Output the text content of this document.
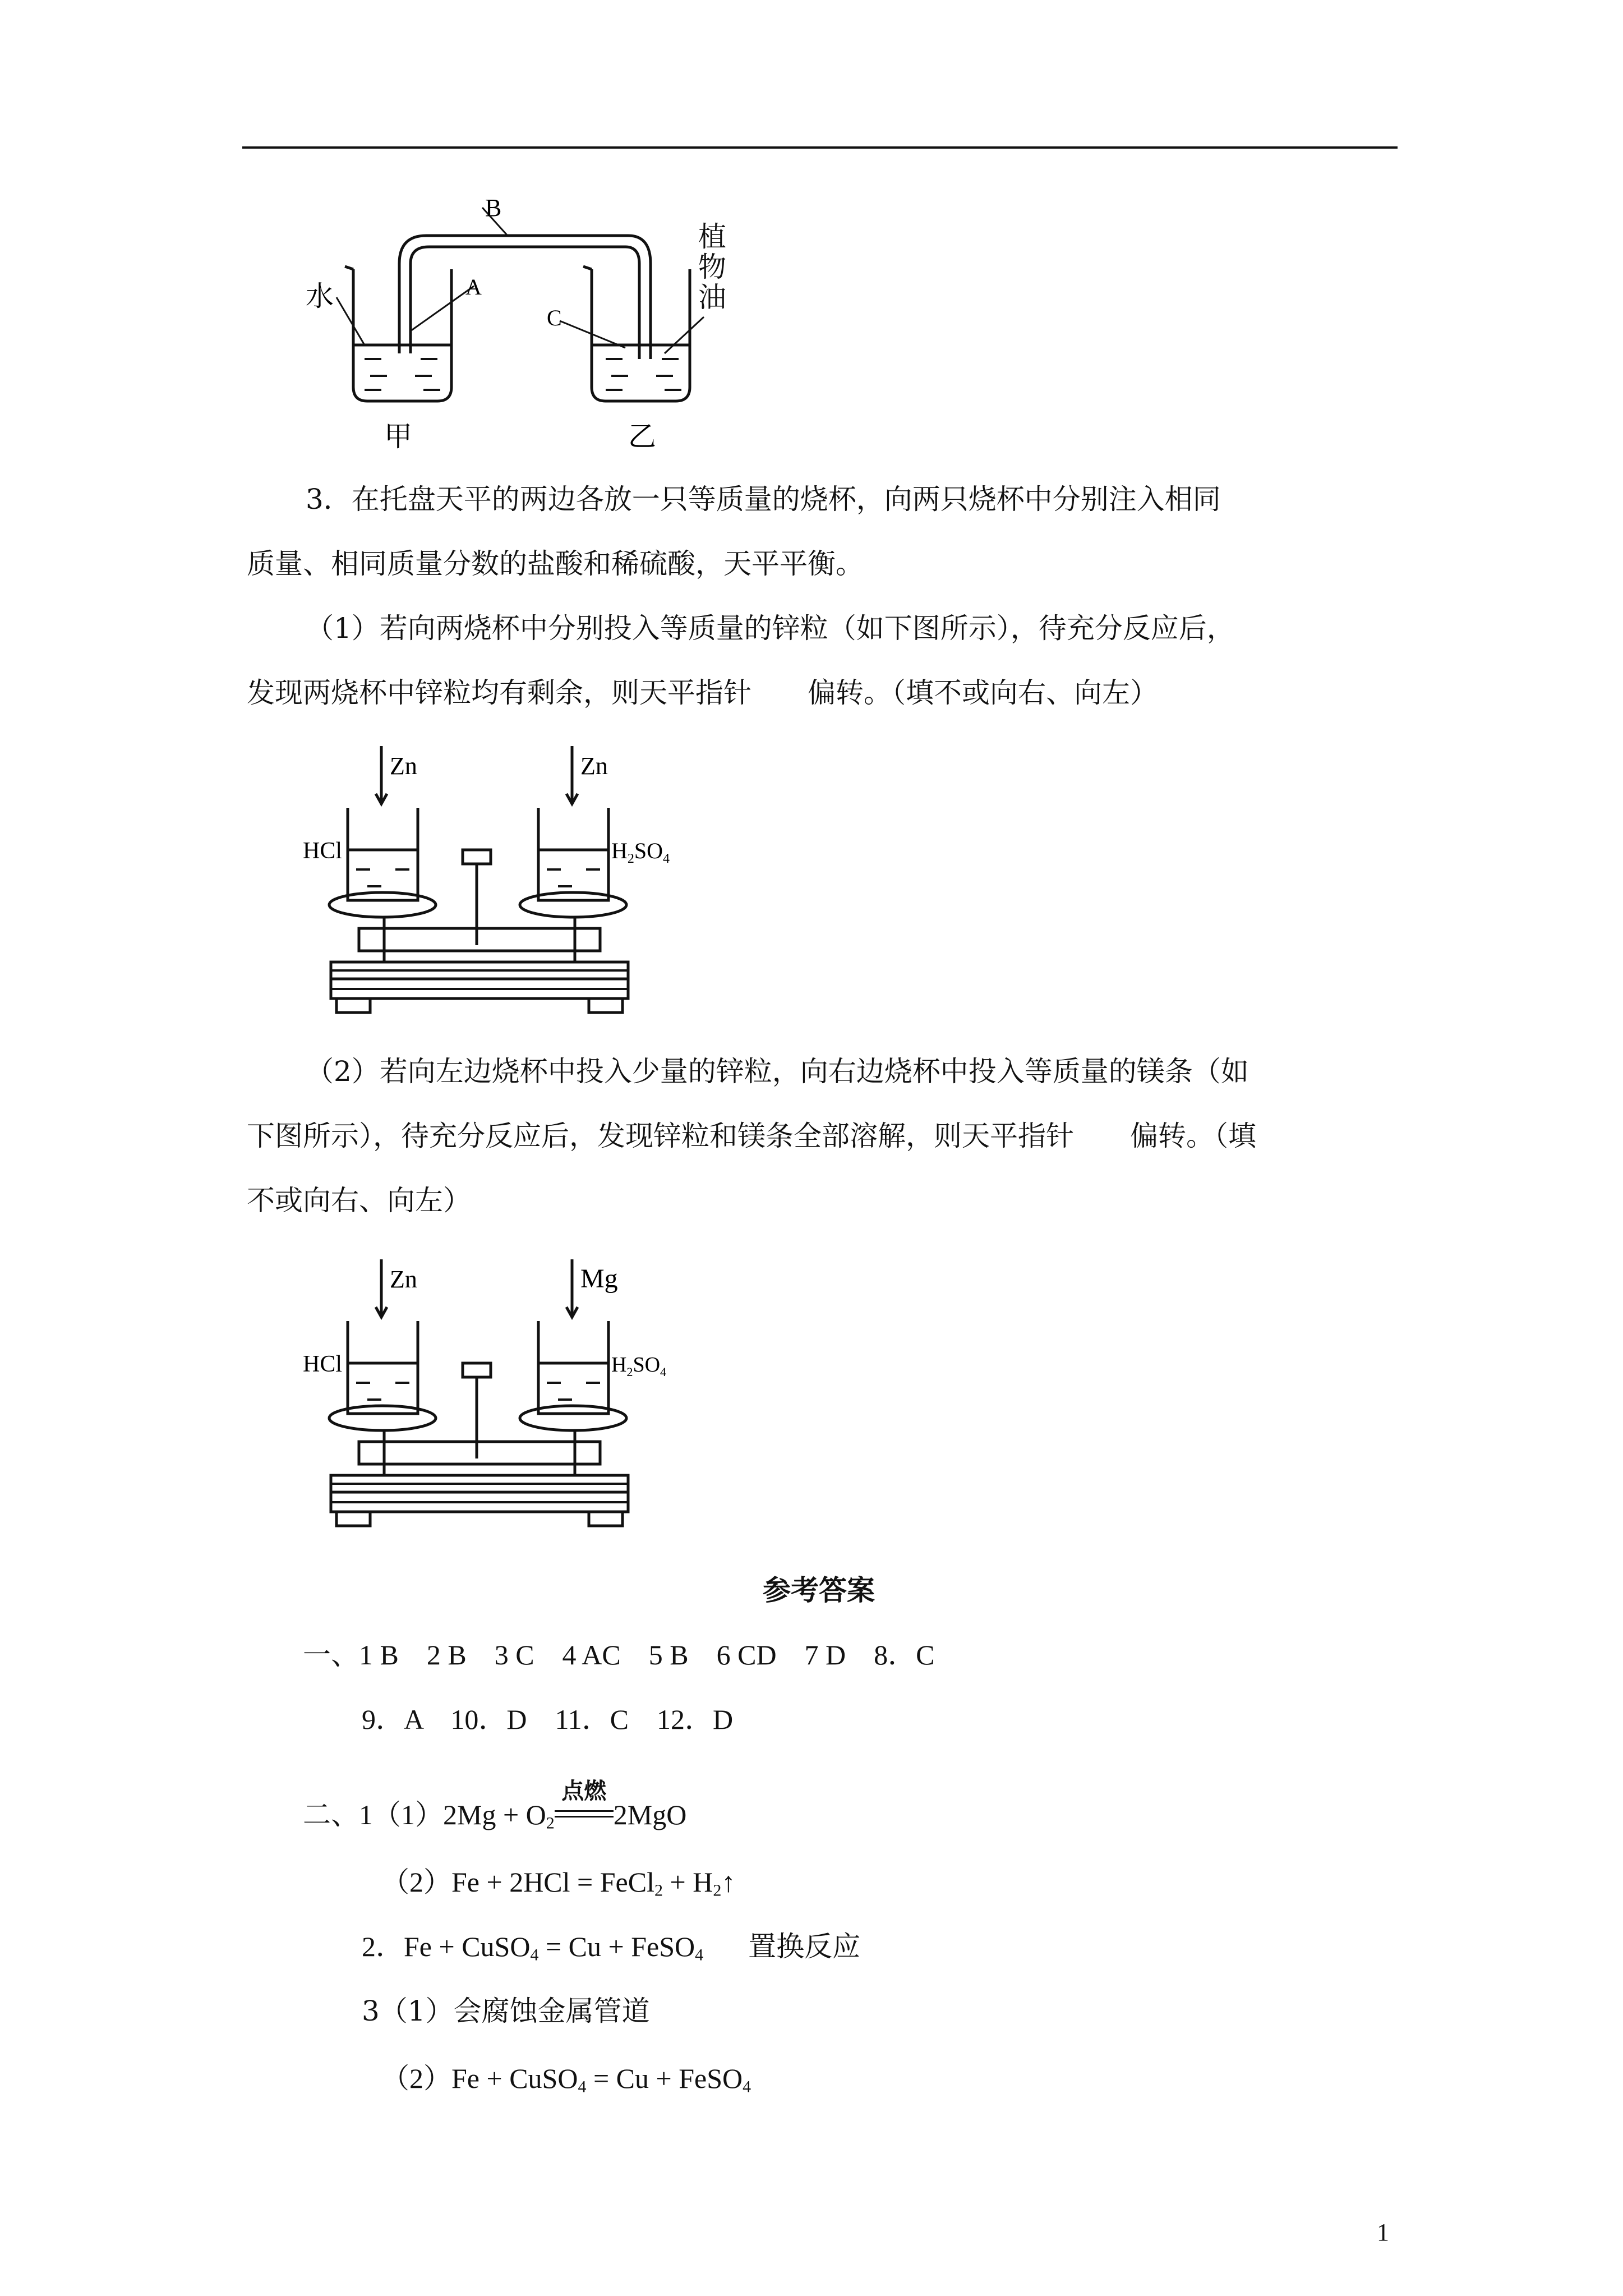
B
A
C
水
甲	乙
植物油
3．在托盘天平的两边各放一只等质量的烧杯，向两只烧杯中分别注入相同
质量、相同质量分数的盐酸和稀硫酸，天平平衡。
（1）若向两烧杯中分别投入等质量的锌粒（如下图所示），待充分反应后，
发现两烧杯中锌粒均有剩余，则天平指针　　偏转。（填不或向右、向左）
Zn	Zn
HCl	$H_2SO_4$
（2）若向左边烧杯中投入少量的锌粒，向右边烧杯中投入等质量的镁条（如
下图所示），待充分反应后，发现锌粒和镁条全部溶解，则天平指针　　偏转。（填
不或向右、向左）
Zn	Mg
HCl	$H_2SO_4$
参考答案
一、1 B　2 B　3 C　4 AC　5 B　6 CD　7 D　8．C
9．A　10．D　11．C　12．D
二、$1(1)2Mg + O_2$
点燃
2MgO
（2）Fe + 2HCl = FeCl$_2$ + $H_2↑$
2．Fe + CuSO$_4$ = Cu + FeSO$_4$ 置换反应
3（1）会腐蚀金属管道
（2）Fe + CuSO$_4$ = Cu + FeSO$_4$
1
